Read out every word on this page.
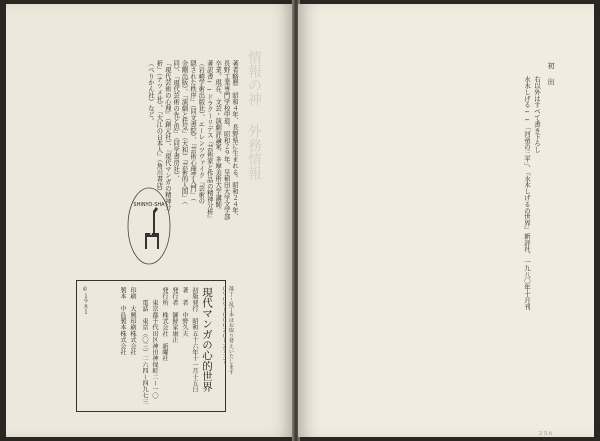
情報の神
外務情報
著者略歴　昭和４年、長野県に生まれる。昭和２４年、
長野工業専門学校中退。昭和２９年、早稲田大学文学部
卒業。現在、文芸・演劇評論家、多摩美術大学講師。
著訳書──ドラクーリデス『芸術家と作品の精神分析』
（岩崎学術出版社）、エーレンツヴァイク『芸術の
隠された秩序』（同文書院）、『芸術心理学入門』（
金剛出版）、『演劇と狂気』（大和）『芸術的人間』（
同）、『現代芸術の先と思』（同学書房社）、
『現代芸術の心理』（創元社）、『現代マンガの精神分
析』（ナツメ社）、『大江の日本人』（角川書店）
（べりかん社）など。
SHINYO-SHA
現代マンガの心的世界
初版発行　昭和五十六年十一月十五日
著　者　中野久夫
発行者　御鮮家康正
発行所　株式会社　新曜社
　　東京都千代田区神田神保町二ー一〇
　　電話　東京（〇三）二六四ー四九七三
印刷　大興印刷株式会社
製本　中島製本株式会社
©１９８１	落丁・乱丁本はお取り替えいたします
０９０９ー０００２０ー２７３７
初　出
水木しげる──「河童の三平」、『水木しげるの世界』新評社、一九八〇年十月刊 右以外はすべて書き下ろし
２５６
